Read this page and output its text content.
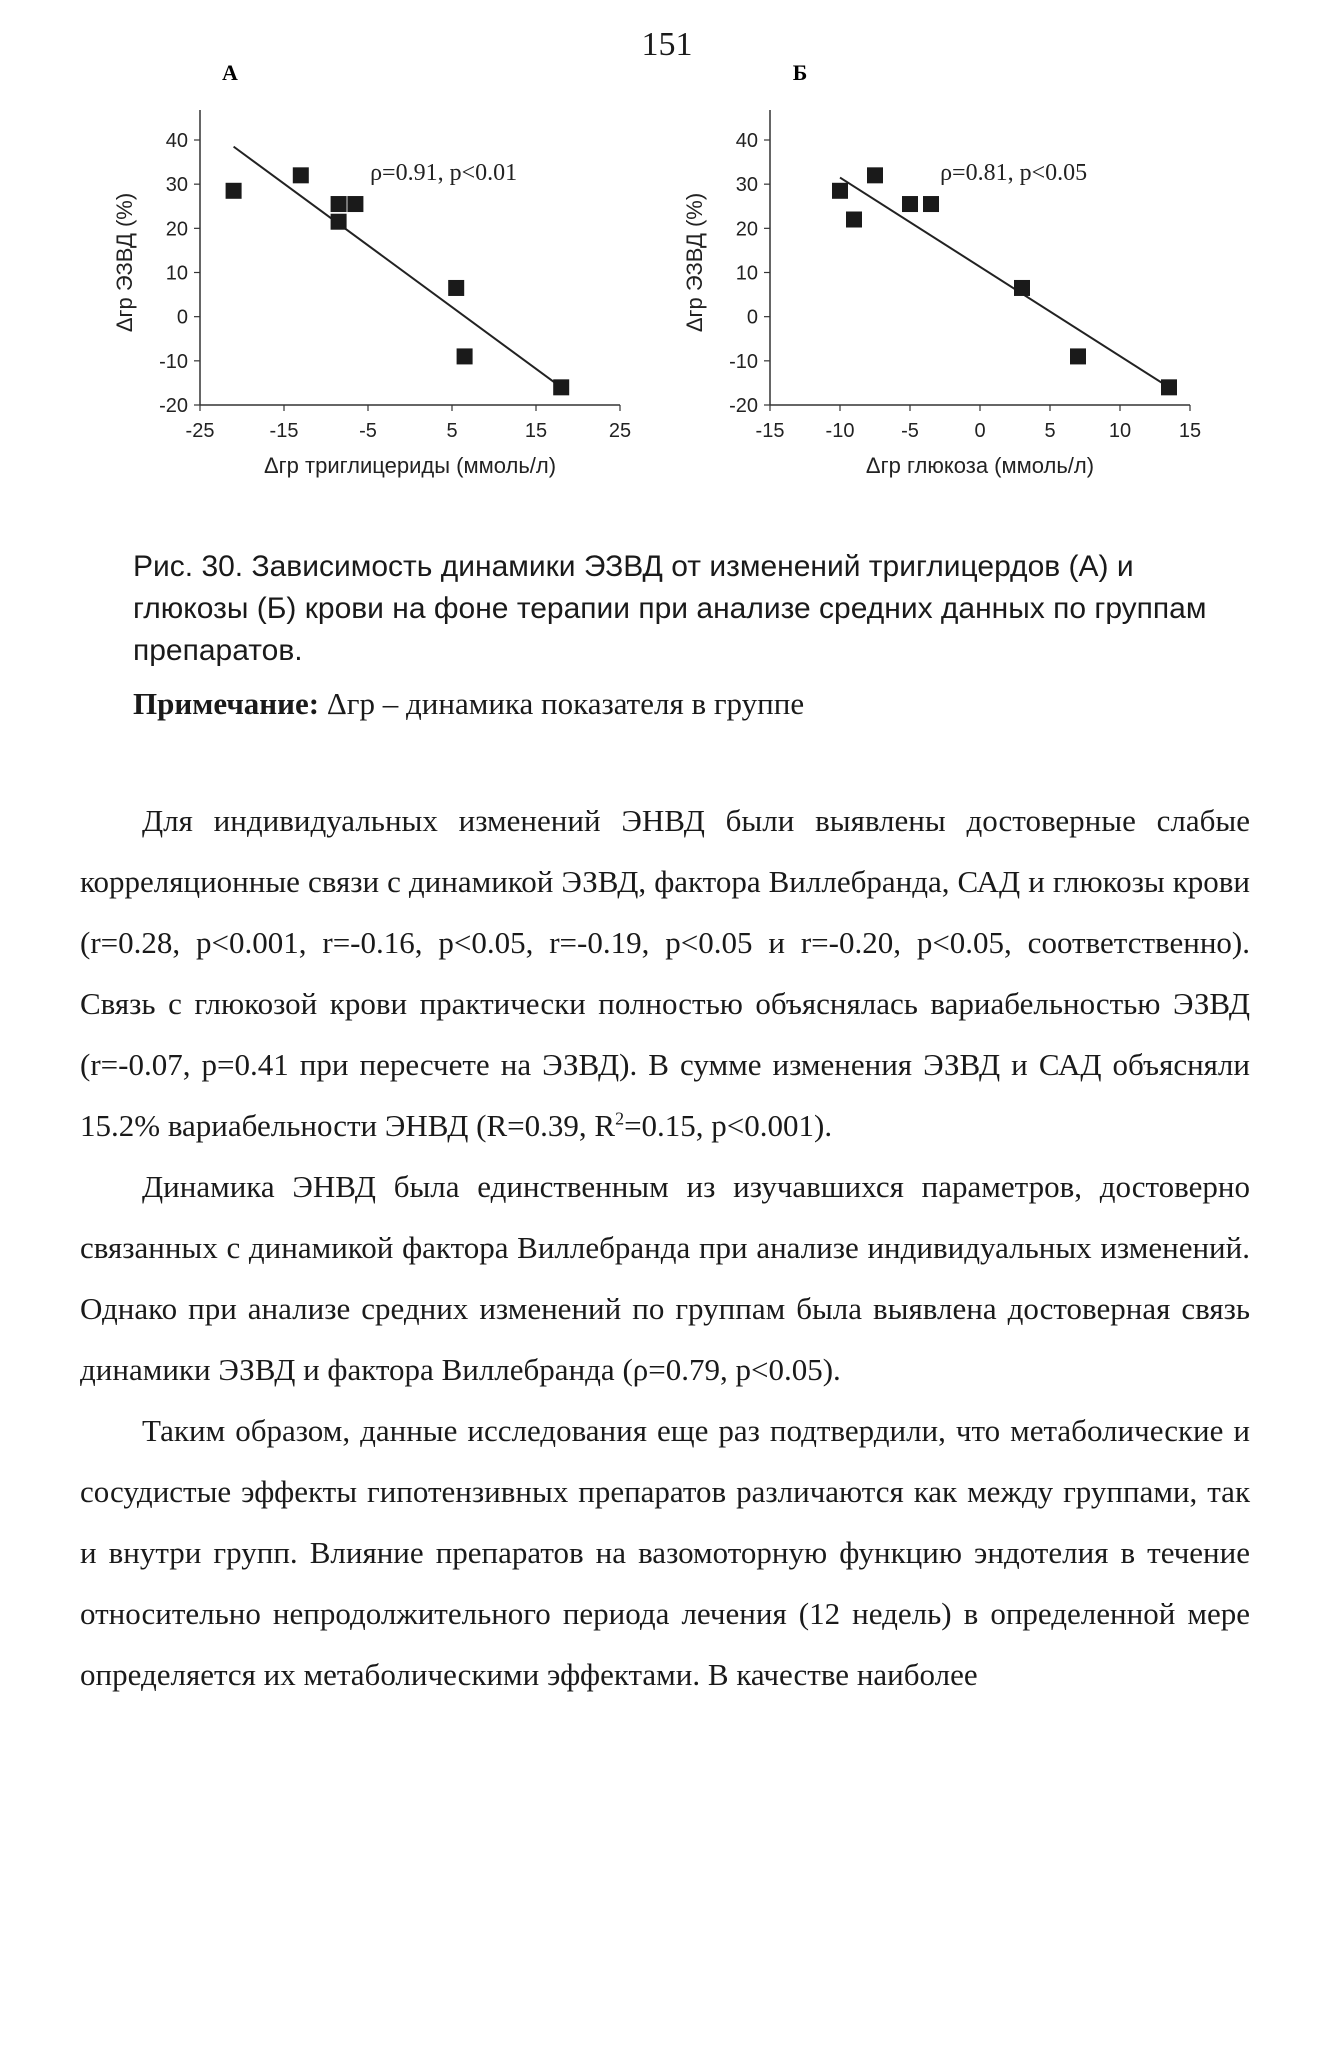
151
А
-20
-10
0
10
20
30
40
-25	-15	-5	5	15	25
Δгр триглицериды (ммоль/л)
Δгр ЭЗВД (%)
ρ=0.91, p<0.01
Б
-20
-10
0
10
20
30
40
-15 -10 -5	0	5	10 15
Δгр глюкоза (ммоль/л)
Δгр ЭЗВД (%)
ρ=0.81, p<0.05
Рис. 30. Зависимость динамики ЭЗВД от изменений триглицердов (А) и глюкозы (Б) крови на фоне терапии при анализе средних данных по группам препаратов.
Примечание: Δгр – динамика показателя в группе

Для индивидуальных изменений ЭНВД были выявлены достоверные слабые корреляционные связи с динамикой ЭЗВД, фактора Виллебранда, САД и глюкозы крови (r=0.28, p<0.001, r=-0.16, p<0.05, r=-0.19, p<0.05 и r=-0.20, p<0.05, соответственно). Связь с глюкозой крови практически полностью объяснялась вариабельностью ЭЗВД (r=-0.07, p=0.41 при пересчете на ЭЗВД). В сумме изменения ЭЗВД и САД объясняли 15.2% вариабельности ЭНВД (R=0.39, $R^2=0.15$, p<0.001).

Динамика ЭНВД была единственным из изучавшихся параметров, достоверно связанных с динамикой фактора Виллебранда при анализе индивидуальных изменений. Однако при анализе средних изменений по группам была выявлена достоверная связь динамики ЭЗВД и фактора Виллебранда (ρ=0.79, p<0.05).

Таким образом, данные исследования еще раз подтвердили, что метаболические и сосудистые эффекты гипотензивных препаратов различаются как между группами, так и внутри групп. Влияние препаратов на вазомоторную функцию эндотелия в течение относительно непродолжительного периода лечения (12 недель) в определенной мере определяется их метаболическими эффектами. В качестве наиболее
